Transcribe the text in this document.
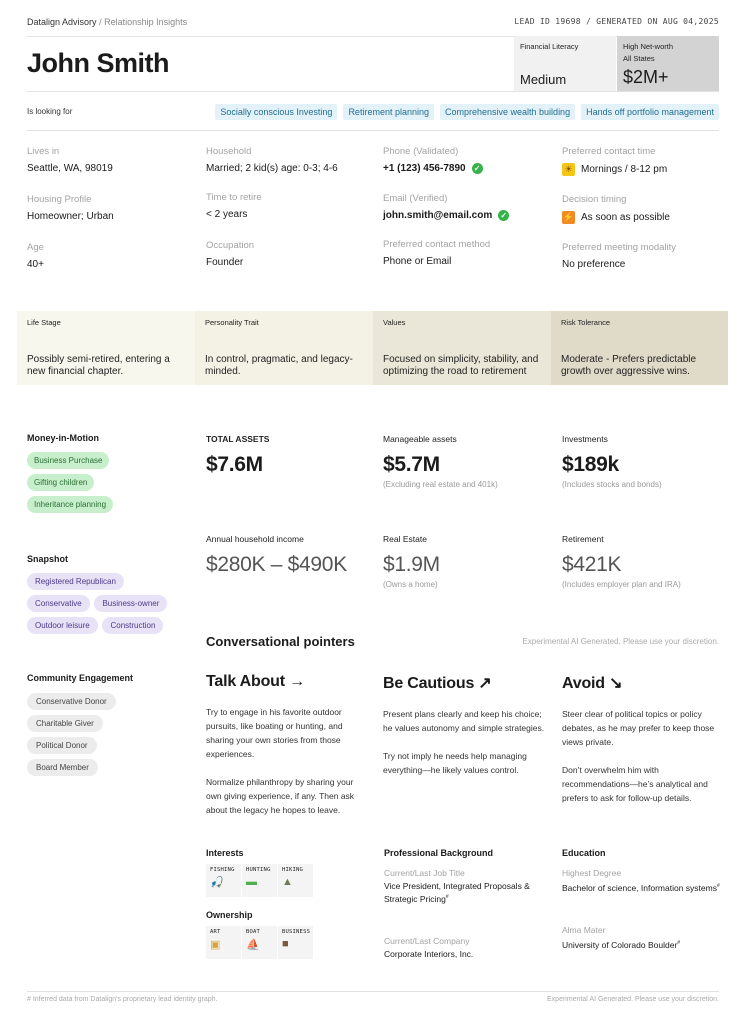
Datalign Advisory / Relationship Insights	LEAD ID 19698 / GENERATED ON AUG 04,2025
John Smith
Financial Literacy
Medium
High Net-worth
All States
$2M+
Is looking for	Socially conscious Investing	Retirement planning	Comprehensive wealth building	Hands off portfolio management
Lives in
Seattle, WA, 98019
Housing Profile
Homeowner; Urban
Age
40+
Household
Married; 2 kid(s) age: 0-3; 4-6
Time to retire
< 2 years
Occupation
Founder
Phone (Validated)
+1 (123) 456-7890 ✓
Email (Verified)
john.smith@email.com ✓
Preferred contact method
Phone or Email
Preferred contact time
☀ Mornings / 8-12 pm
Decision timing
⚡ As soon as possible
Preferred meeting modality
No preference
Life Stage
Possibly semi-retired, entering a new financial chapter.
Personality Trait
In control, pragmatic, and legacy-minded.
Values
Focused on simplicity, stability, and optimizing the road to retirement
Risk Tolerance
Moderate - Prefers predictable growth over aggressive wins.
Money-in-Motion
Business Purchase
Gifting children
Inheritance planning
Snapshot
Registered Republican
Conservative	Business-owner
Outdoor leisure	Construction
Community Engagement
Conservative Donor
Charitable Giver
Political Donor
Board Member
TOTAL ASSETS
$7.6M
Manageable assets
$5.7M
(Excluding real estate and 401k)
Investments
$189k
(Includes stocks and bonds)
Annual household income
$280K – $490K
Real Estate
$1.9M
(Owns a home)
Retirement
$421K
(Includes employer plan and IRA)
Conversational pointers	Experimental AI Generated. Please use your discretion.
Talk About →

Try to engage in his favorite outdoor pursuits, like boating or hunting, and sharing your own stories from those experiences.

Normalize philanthropy by sharing your own giving experience, if any. Then ask about the legacy he hopes to leave.

Be Cautious ↗

Present plans clearly and keep his choice; he values autonomy and simple strategies.

Try not imply he needs help managing everything—he likely values control.

Avoid ↘

Steer clear of political topics or policy debates, as he may prefer to keep those views private.

Don’t overwhelm him with recommendations—he’s analytical and prefers to ask for follow-up details.

Interests
FISHING
🎣
HUNTING
▬
HIKING
▲
Ownership
ART
▣
BOAT
⛵
BUSINESS
■
Professional Background
Current/Last Job Title
Vice President, Integrated Proposals & Strategic Pricing#
Current/Last Company
Corporate Interiors, Inc.
Education
Highest Degree
Bachelor of science, Information systems#
Alma Mater
University of Colorado Boulder#
# Inferred data from Datalign's proprietary lead identity graph.	Experimental AI Generated. Please use your discretion.
